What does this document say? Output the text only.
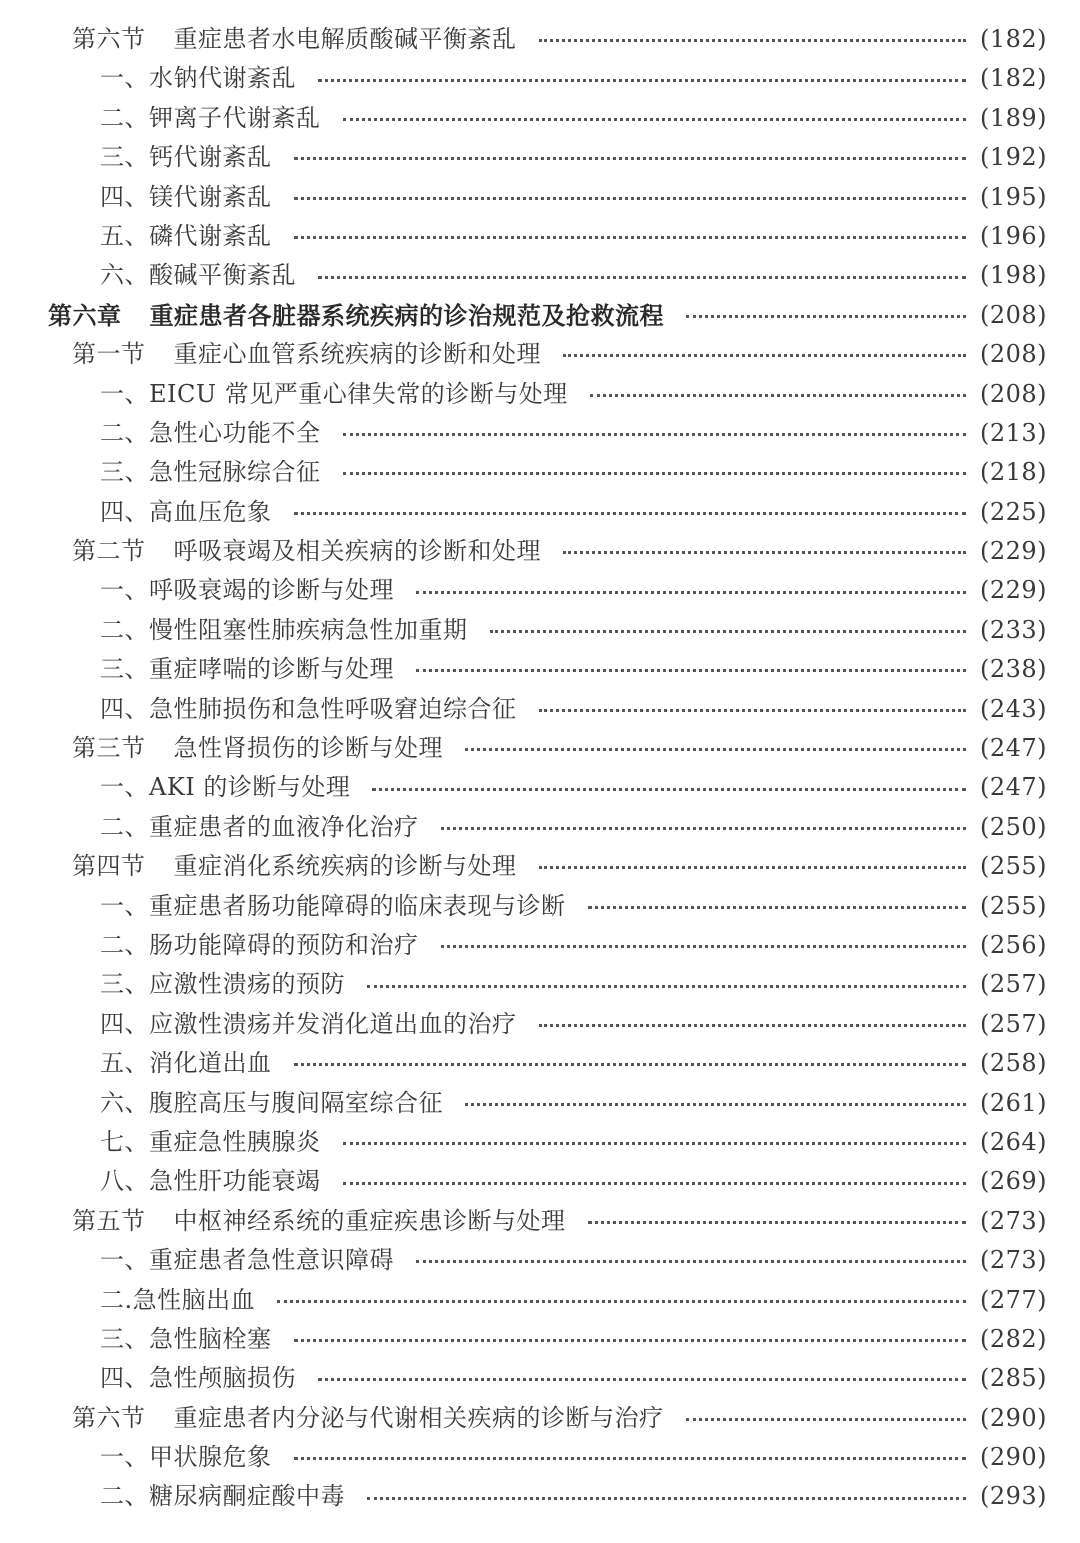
第六节 重症患者水电解质酸碱平衡紊乱	(182)
一、水钠代谢紊乱	(182)
二、钾离子代谢紊乱	(189)
三、钙代谢紊乱	(192)
四、镁代谢紊乱	(195)
五、磷代谢紊乱	(196)
六、酸碱平衡紊乱	(198)
第六章 重症患者各脏器系统疾病的诊治规范及抢救流程	(208)
第一节 重症心血管系统疾病的诊断和处理	(208)
一、EICU 常见严重心律失常的诊断与处理	(208)
二、急性心功能不全	(213)
三、急性冠脉综合征	(218)
四、高血压危象	(225)
第二节 呼吸衰竭及相关疾病的诊断和处理	(229)
一、呼吸衰竭的诊断与处理	(229)
二、慢性阻塞性肺疾病急性加重期	(233)
三、重症哮喘的诊断与处理	(238)
四、急性肺损伤和急性呼吸窘迫综合征	(243)
第三节 急性肾损伤的诊断与处理	(247)
一、AKI 的诊断与处理	(247)
二、重症患者的血液净化治疗	(250)
第四节 重症消化系统疾病的诊断与处理	(255)
一、重症患者肠功能障碍的临床表现与诊断	(255)
二、肠功能障碍的预防和治疗	(256)
三、应激性溃疡的预防	(257)
四、应激性溃疡并发消化道出血的治疗	(257)
五、消化道出血	(258)
六、腹腔高压与腹间隔室综合征	(261)
七、重症急性胰腺炎	(264)
八、急性肝功能衰竭	(269)
第五节 中枢神经系统的重症疾患诊断与处理	(273)
一、重症患者急性意识障碍	(273)
二.急性脑出血	(277)
三、急性脑栓塞	(282)
四、急性颅脑损伤	(285)
第六节 重症患者内分泌与代谢相关疾病的诊断与治疗	(290)
一、甲状腺危象	(290)
二、糖尿病酮症酸中毒	(293)
